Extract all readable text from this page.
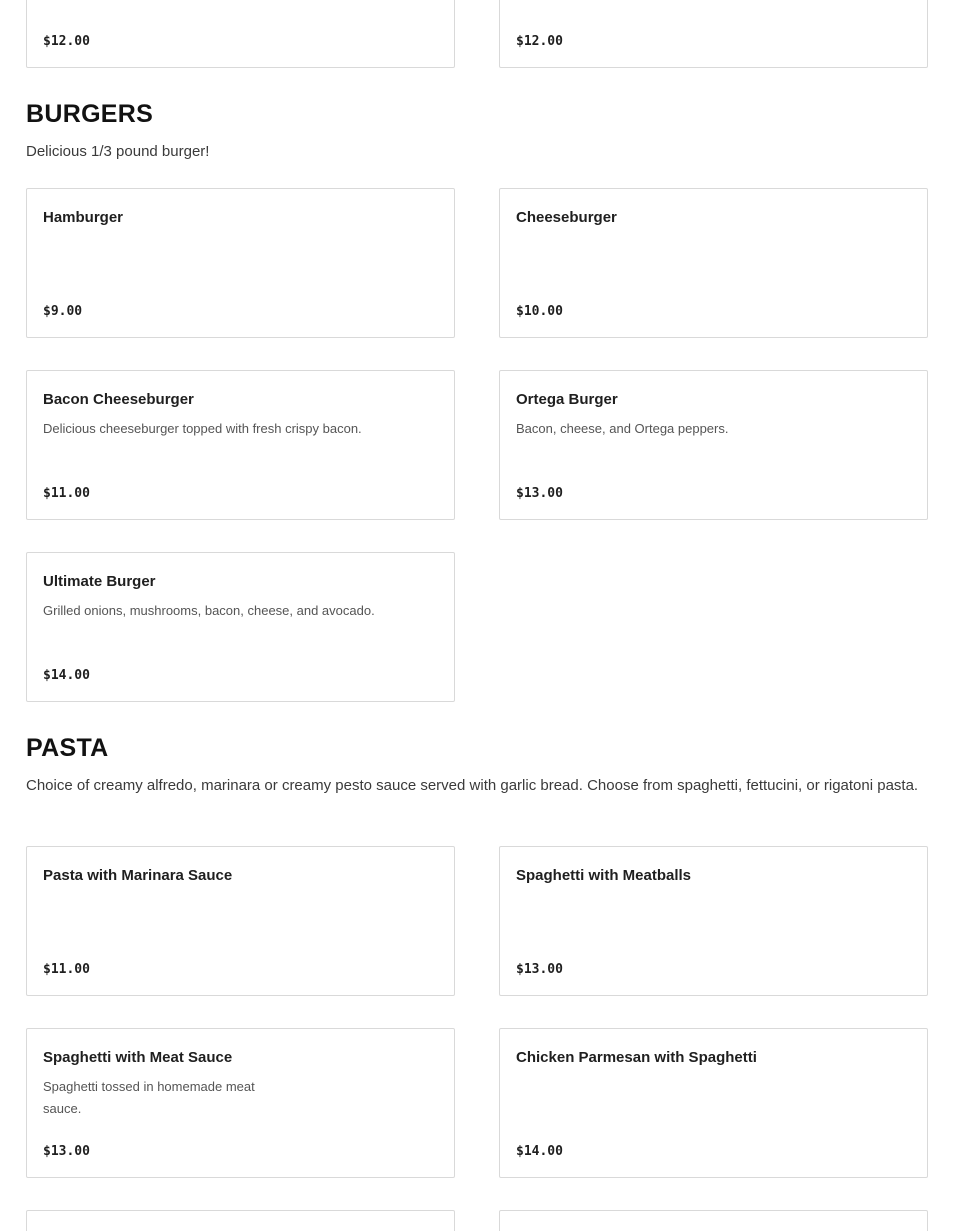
$12.00	$12.00
BURGERS

Delicious 1/3 pound burger!

Hamburger
$9.00
Cheeseburger
$10.00
Bacon Cheeseburger
Delicious cheeseburger topped with fresh crispy bacon.
$11.00
Ortega Burger
Bacon, cheese, and Ortega peppers.
$13.00
Ultimate Burger
Grilled onions, mushrooms, bacon, cheese, and avocado.
$14.00
PASTA

Choice of creamy alfredo, marinara or creamy pesto sauce served with garlic bread. Choose from spaghetti, fettucini, or rigatoni pasta.

Pasta with Marinara Sauce
$11.00
Spaghetti with Meatballs
$13.00
Spaghetti with Meat Sauce
Spaghetti tossed in homemade meat sauce.
$13.00
Chicken Parmesan with Spaghetti
$14.00
